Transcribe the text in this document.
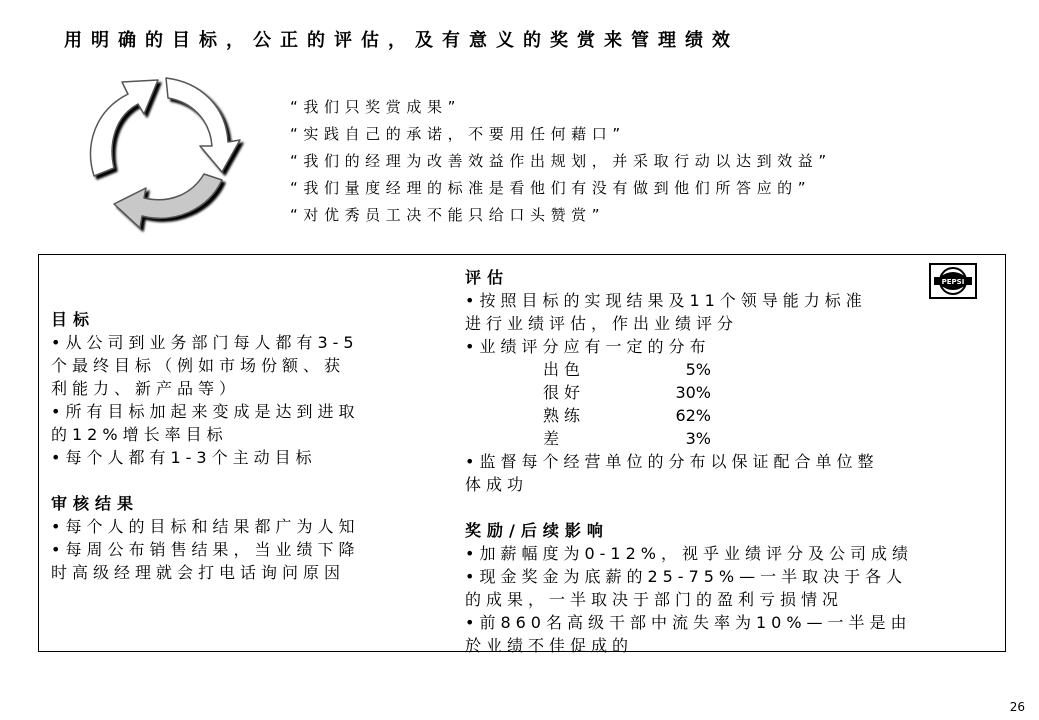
用明确的目标，公正的评估，及有意义的奖赏来管理绩效
“我们只奖赏成果”
“实践自己的承诺，不要用任何藉口”
“我们的经理为改善效益作出规划，并采取行动以达到效益”
“我们量度经理的标准是看他们有没有做到他们所答应的”
“对优秀员工决不能只给口头赞赏”
目标
•从公司到业务部门每人都有3-5
个最终目标（例如市场份额、获
利能力、新产品等）
•所有目标加起来变成是达到进取
的12%增长率目标
•每个人都有1-3个主动目标
审核结果
•每个人的目标和结果都广为人知
•每周公布销售结果，当业绩下降
时高级经理就会打电话询问原因
评估
•按照目标的实现结果及11个领导能力标准
进行业绩评估，作出业绩评分
•业绩评分应有一定的分布
出色	5%
很好	30%
熟练	62%
差	3%
•监督每个经营单位的分布以保证配合单位整
体成功
奖励/后续影响
•加薪幅度为0-12%，视乎业绩评分及公司成绩
•现金奖金为底薪的25-75%—一半取决于各人
的成果，一半取决于部门的盈利亏损情况
•前860名高级干部中流失率为10%—一半是由
於业绩不佳促成的
PEPSI
26
